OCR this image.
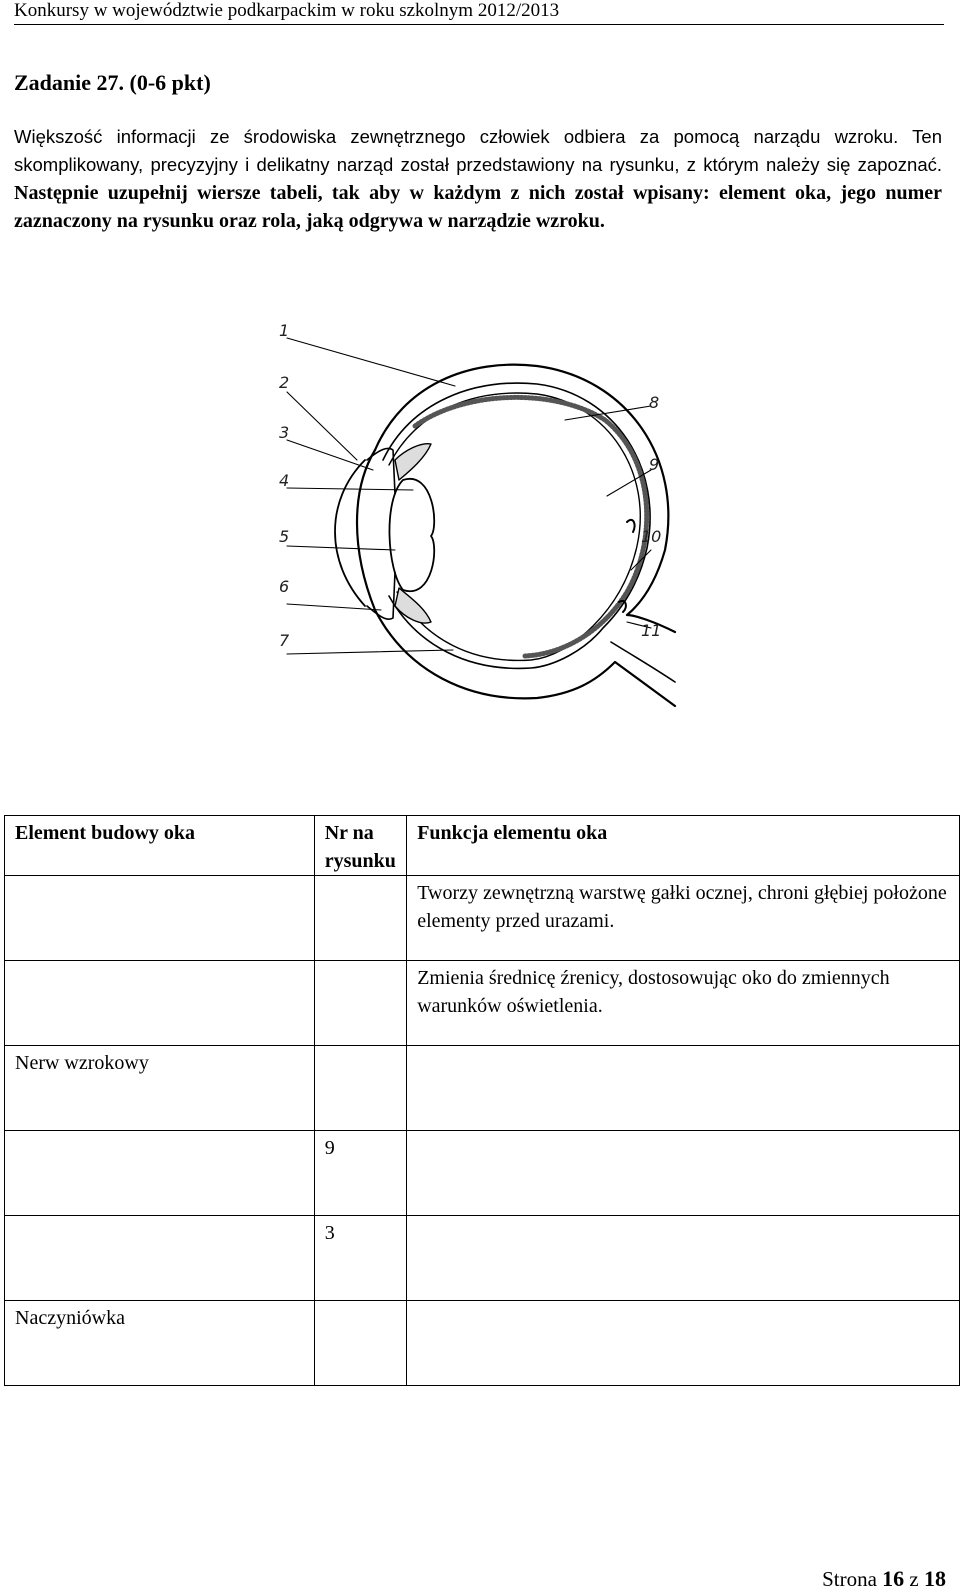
Konkursy w województwie podkarpackim w roku szkolnym 2012/2013
Zadanie 27. (0-6 pkt)

Większość informacji ze środowiska zewnętrznego człowiek odbiera za pomocą narządu wzroku. Ten skomplikowany, precyzyjny i delikatny narząd został przedstawiony na rysunku, z którym należy się zapoznać. Następnie uzupełnij wiersze tabeli, tak aby w każdym z nich został wpisany: element oka, jego numer zaznaczony na rysunku oraz rola, jaką odgrywa w narządzie wzroku.

1
2
3
4
5
6
7
8
9
10
11
Element budowy oka	Nr na rysunku	Funkcja elementu oka
		Tworzy zewnętrzną warstwę gałki ocznej, chroni głębiej położone elementy przed urazami.
		Zmienia średnicę źrenicy, dostosowując oko do zmiennych warunków oświetlenia.
Nerw wzrokowy		
	9	
	3	
Naczyniówka		
Strona 16 z 18
